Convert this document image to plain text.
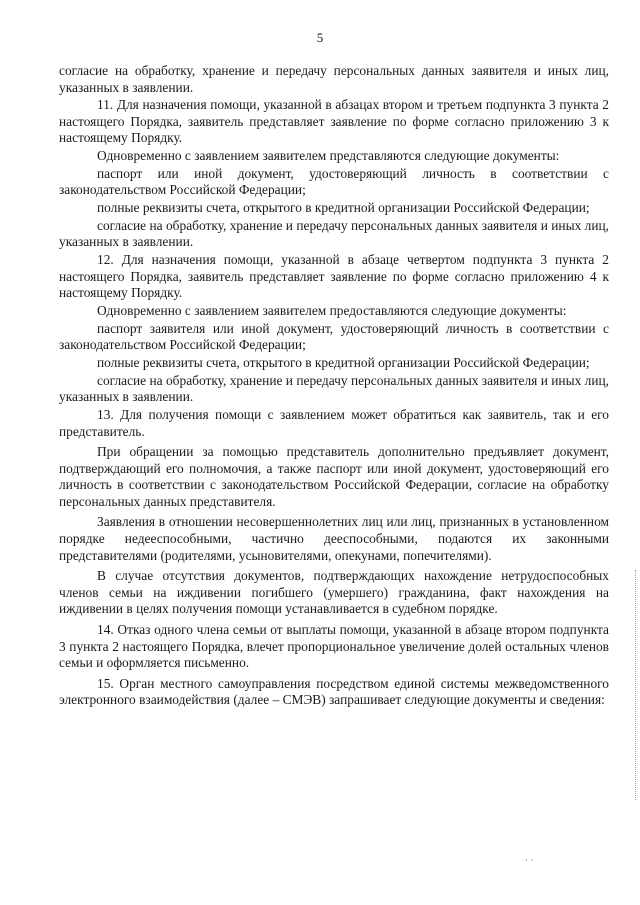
5

согласие на обработку, хранение и передачу персональных данных заявителя и иных лиц, указанных в заявлении.

11. Для назначения помощи, указанной в абзацах втором и третьем подпункта 3 пункта 2 настоящего Порядка, заявитель представляет заявление по форме согласно приложению 3 к настоящему Порядку.

Одновременно с заявлением заявителем представляются следующие документы:

паспорт или иной документ, удостоверяющий личность в соответствии с законодательством Российской Федерации;

полные реквизиты счета, открытого в кредитной организации Российской Федерации;

согласие на обработку, хранение и передачу персональных данных заявителя и иных лиц, указанных в заявлении.

12. Для назначения помощи, указанной в абзаце четвертом подпункта 3 пункта 2 настоящего Порядка, заявитель представляет заявление по форме согласно приложению 4 к настоящему Порядку.

Одновременно с заявлением заявителем предоставляются следующие документы:

паспорт заявителя или иной документ, удостоверяющий личность в соответствии с законодательством Российской Федерации;

полные реквизиты счета, открытого в кредитной организации Российской Федерации;

согласие на обработку, хранение и передачу персональных данных заявителя и иных лиц, указанных в заявлении.

13. Для получения помощи с заявлением может обратиться как заявитель, так и его представитель.

При обращении за помощью представитель дополнительно предъявляет документ, подтверждающий его полномочия, а также паспорт или иной документ, удостоверяющий его личность в соответствии с законодательством Российской Федерации, согласие на обработку персональных данных представителя.

Заявления в отношении несовершеннолетних лиц или лиц, признанных в установленном порядке недееспособными, частично дееспособными, подаются их законными представителями (родителями, усыновителями, опекунами, попечителями).

В случае отсутствия документов, подтверждающих нахождение нетрудоспособных членов семьи на иждивении погибшего (умершего) гражданина, факт нахождения на иждивении в целях получения помощи устанавливается в судебном порядке.

14. Отказ одного члена семьи от выплаты помощи, указанной в абзаце втором подпункта 3 пункта 2 настоящего Порядка, влечет пропорциональное увеличение долей остальных членов семьи и оформляется письменно.

15. Орган местного самоуправления посредством единой системы межведомственного электронного взаимодействия (далее – СМЭВ) запрашивает следующие документы и сведения:

· ·
